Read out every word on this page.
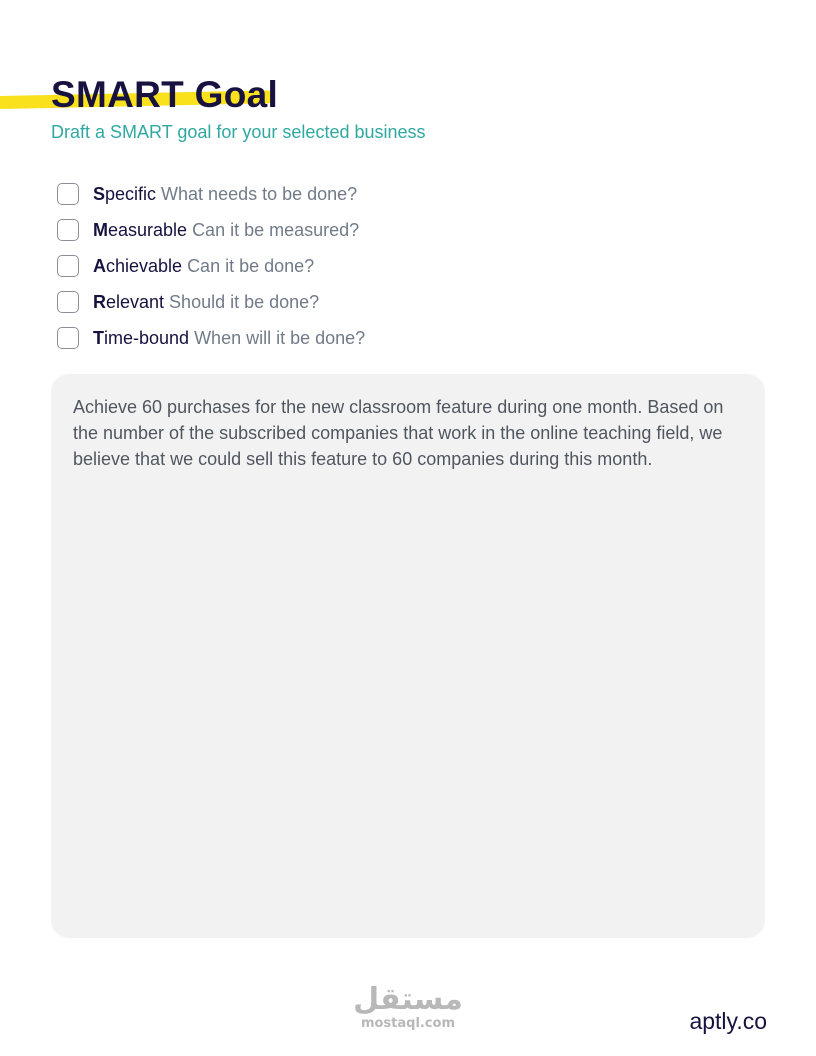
SMART Goal

Draft a SMART goal for your selected business

Specific What needs to be done?
Measurable Can it be measured?
Achievable Can it be done?
Relevant Should it be done?
Time-bound When will it be done?

Achieve 60 purchases for the new classroom feature during one month. Based on the number of the subscribed companies that work in the online teaching field, we believe that we could sell this feature to 60 companies during this month.

مستقل
mostaql.com	aptly.co
